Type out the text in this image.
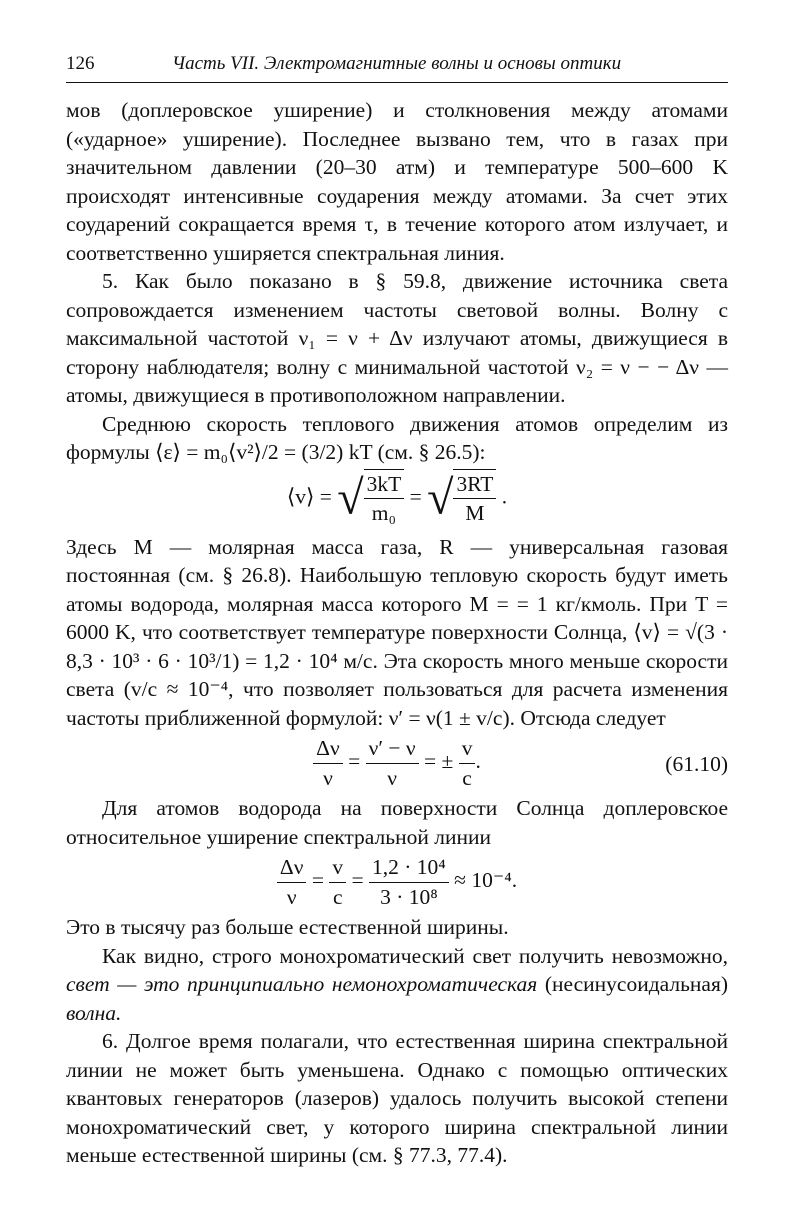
126	Часть VII. Электромагнитные волны и основы оптики

мов (доплеровское уширение) и столкновения между атомами («ударное» уширение). Последнее вызвано тем, что в газах при значительном давлении (20–30 атм) и температуре 500–600 K происходят интенсивные соударения между атомами. За счет этих соударений сокращается время τ, в течение которого атом излучает, и соответственно уширяется спектральная линия.

5. Как было показано в § 59.8, движение источника света сопровождается изменением частоты световой волны. Волну с максимальной частотой ν₁ = ν + Δν излучают атомы, движущиеся в сторону наблюдателя; волну с минимальной частотой ν₂ = ν − − Δν — атомы, движущиеся в противоположном направлении.

Среднюю скорость теплового движения атомов определим из формулы ⟨ε⟩ = m₀⟨v²⟩/2 = (3/2) kT (см. § 26.5):

⟨v⟩ = √ $\frac{3kT}{\text{m₀}}$ = √ $\frac{3RT}{M}$ .

Здесь M — молярная масса газа, R — универсальная газовая постоянная (см. § 26.8). Наибольшую тепловую скорость будут иметь атомы водорода, молярная масса которого M = = 1 кг/кмоль. При T = 6000 K, что соответствует температуре поверхности Солнца, ⟨v⟩ = √(3 · 8,3 · 10³ · 6 · 10³/1) = 1,2 · 10⁴ м/с. Эта скорость много меньше скорости света (v/c ≈ 10⁻⁴, что позволяет пользоваться для расчета изменения частоты приближенной формулой: ν′ = ν(1 ± v/c). Отсюда следует

$\frac{\Delta\nu}{\nu} = \frac{\nu' - \nu}{\nu}$ = ± $\frac{v}{c}$ .	(61.10)

Для атомов водорода на поверхности Солнца доплеровское относительное уширение спектральной линии

$\frac{\Delta\nu}{\nu} = \frac{v}{c} = \frac{\text{1,2 · 10⁴}}{\text{3 · 10⁸}} \approx 10^{-4}$.

Это в тысячу раз больше естественной ширины.

Как видно, строго монохроматический свет получить невозможно, свет — это принципиально немонохроматическая (несинусоидальная) волна.

6. Долгое время полагали, что естественная ширина спектральной линии не может быть уменьшена. Однако с помощью оптических квантовых генераторов (лазеров) удалось получить высокой степени монохроматический свет, у которого ширина спектральной линии меньше естественной ширины (см. § 77.3, 77.4).
